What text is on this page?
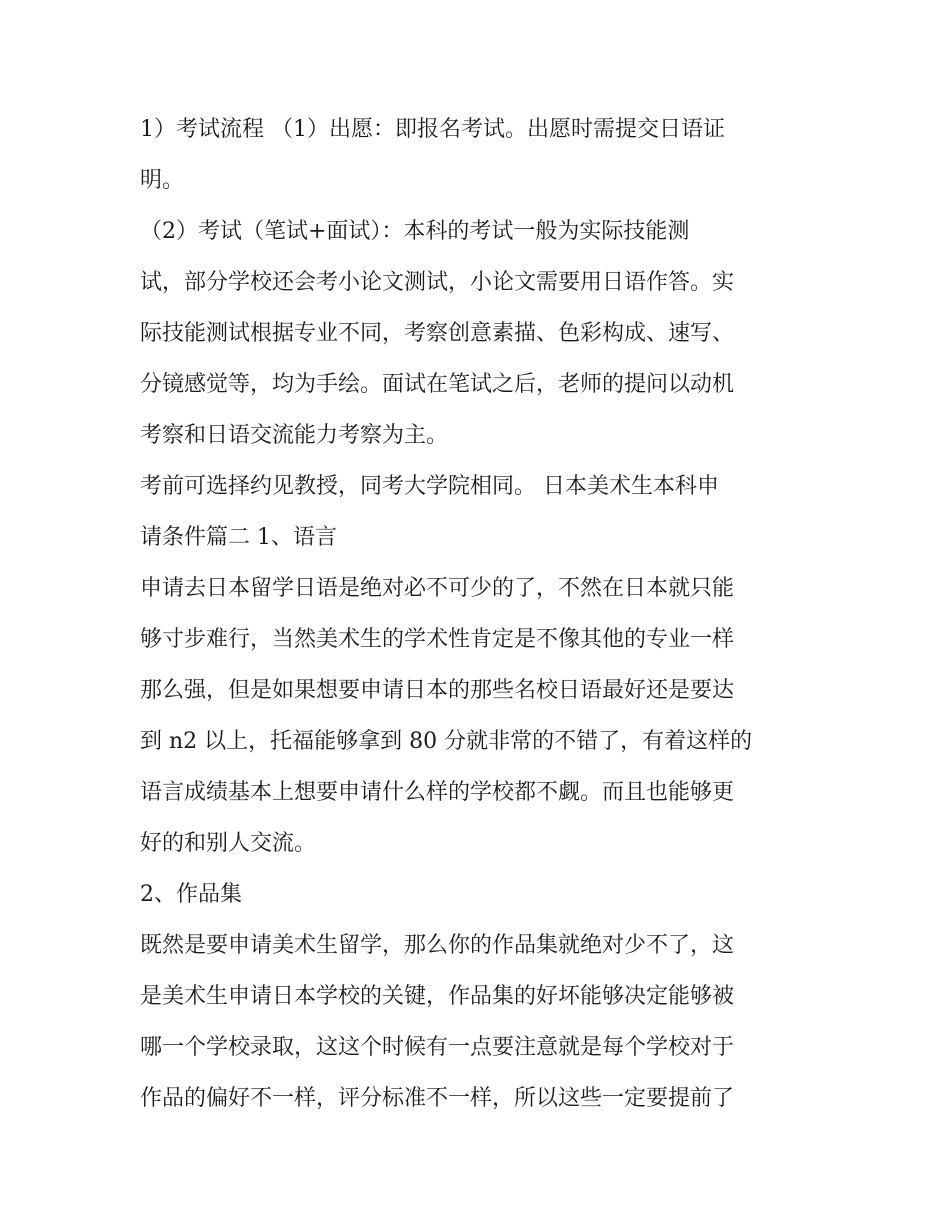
1）考试流程 （1）出愿：即报名考试。出愿时需提交日语证
明。
（2）考试（笔试+面试）：本科的考试一般为实际技能测
试，部分学校还会考小论文测试，小论文需要用日语作答。实
际技能测试根据专业不同，考察创意素描、色彩构成、速写、
分镜感觉等，均为手绘。面试在笔试之后，老师的提问以动机
考察和日语交流能力考察为主。
考前可选择约见教授，同考大学院相同。 日本美术生本科申
请条件篇二 1、语言
申请去日本留学日语是绝对必不可少的了，不然在日本就只能
够寸步难行，当然美术生的学术性肯定是不像其他的专业一样
那么强，但是如果想要申请日本的那些名校日语最好还是要达
到 n2 以上，托福能够拿到 80 分就非常的不错了，有着这样的
语言成绩基本上想要申请什么样的学校都不觑。而且也能够更
好的和别人交流。
2、作品集
既然是要申请美术生留学，那么你的作品集就绝对少不了，这
是美术生申请日本学校的关键，作品集的好坏能够决定能够被
哪一个学校录取，这这个时候有一点要注意就是每个学校对于
作品的偏好不一样，评分标准不一样，所以这些一定要提前了
